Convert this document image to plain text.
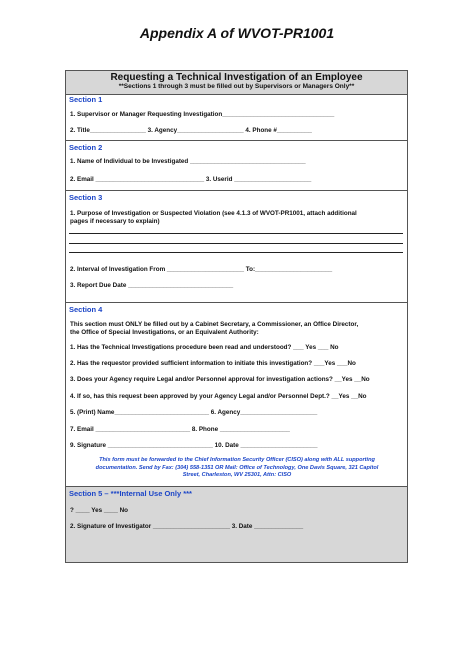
Appendix A of WVOT-PR1001
Requesting a Technical Investigation of an Employee
**Sections 1 through 3 must be filled out by Supervisors or Managers Only**
Section 1
1. Supervisor or Manager Requesting Investigation________________________________
2. Title________________ 3. Agency___________________ 4. Phone #__________
Section 2
1. Name of Individual to be Investigated _________________________________
2. Email _______________________________ 3. Userid ______________________
Section 3
1. Purpose of Investigation or Suspected Violation (see 4.1.3 of WVOT-PR1001, attach additional
pages if necessary to explain)
2. Interval of Investigation From ______________________ To:______________________
3. Report Due Date ______________________________
Section 4
This section must ONLY be filled out by a Cabinet Secretary, a Commissioner, an Office Director,
the Office of Special Investigations, or an Equivalent Authority:
1. Has the Technical Investigations procedure been read and understood? ___ Yes ___ No
2. Has the requestor provided sufficient information to initiate this investigation? ___Yes ___No
3. Does your Agency require Legal and/or Personnel approval for investigation actions? __Yes __No
4. If so, has this request been approved by your Agency Legal and/or Personnel Dept.? __Yes __No
5. (Print) Name___________________________ 6. Agency______________________
7. Email ___________________________ 8. Phone ____________________
9. Signature ______________________________ 10. Date ______________________
This form must be forwarded to the Chief Information Security Officer (CISO) along with ALL supporting
documentation. Send by Fax: (304) 558-1351 OR Mail: Office of Technology, One Davis Square, 321 Capitol
Street, Charleston, WV 25301, Attn: CISO
Section 5 – ***Internal Use Only ***
? ____ Yes ____ No
2. Signature of Investigator ______________________ 3. Date ______________
